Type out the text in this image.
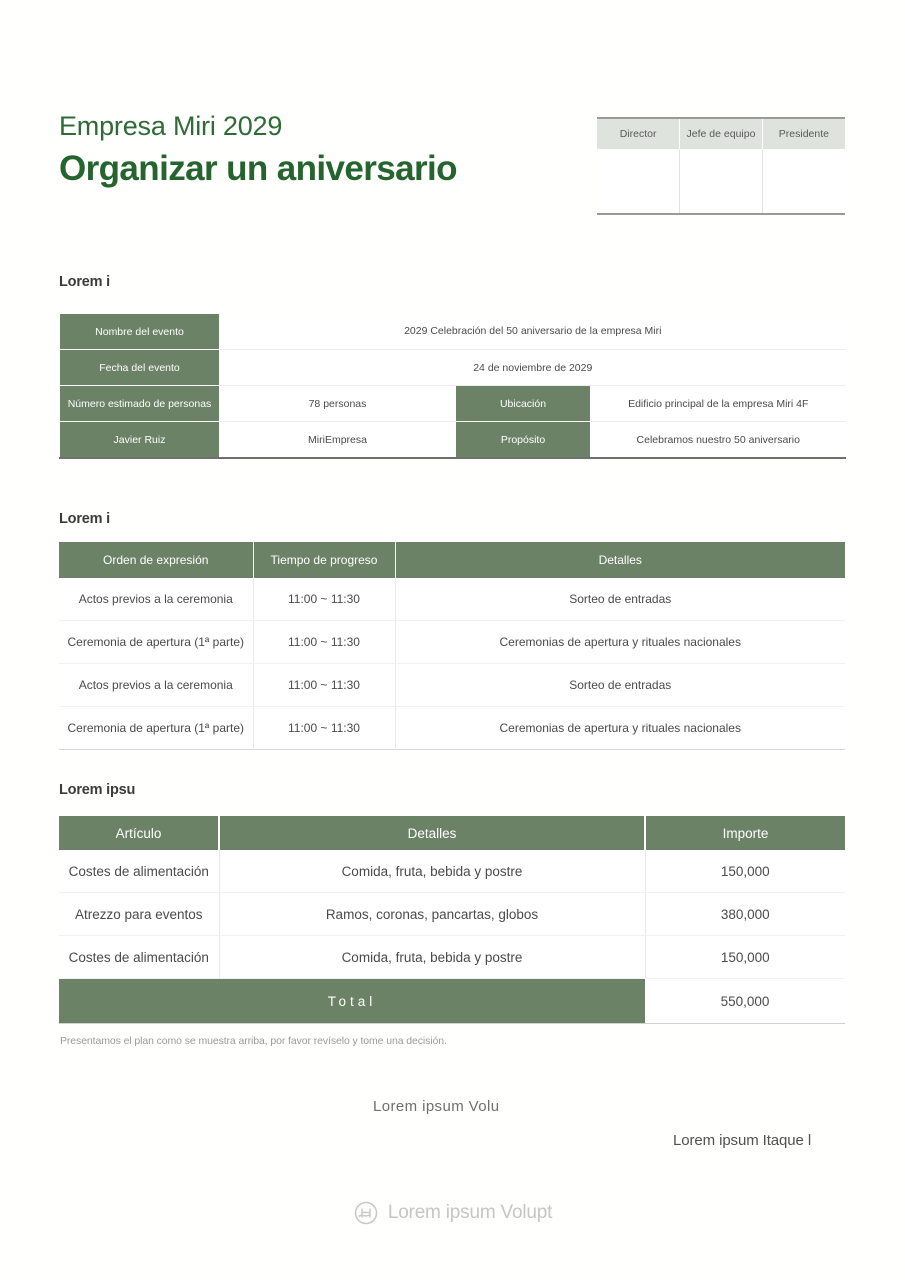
Empresa Miri 2029
Organizar un aniversario
Director	Jefe de equipo	Presidente

Lorem i
Nombre del evento	2029 Celebración del 50 aniversario de la empresa Miri		
Fecha del evento	24 de noviembre de 2029		
Número estimado de personas	78 personas	Ubicación	Edificio principal de la empresa Miri 4F
Javier Ruiz	MiriEmpresa	Propósito	Celebramos nuestro 50 aniversario
Lorem i
Orden de expresión	Tiempo de progreso	Detalles
Actos previos a la ceremonia	11:00 ~ 11:30	Sorteo de entradas
Ceremonia de apertura (1ª parte)	11:00 ~ 11:30	Ceremonias de apertura y rituales nacionales
Actos previos a la ceremonia	11:00 ~ 11:30	Sorteo de entradas
Ceremonia de apertura (1ª parte)	11:00 ~ 11:30	Ceremonias de apertura y rituales nacionales
Lorem ipsu
Artículo	Detalles	Importe
Costes de alimentación	Comida, fruta, bebida y postre	150,000
Atrezzo para eventos	Ramos, coronas, pancartas, globos	380,000
Costes de alimentación	Comida, fruta, bebida y postre	150,000
Total		550,000
Presentamos el plan como se muestra arriba, por favor revíselo y tome una decisión.
Lorem ipsum Volu
Lorem ipsum Itaque l
Lorem ipsum Volupt
